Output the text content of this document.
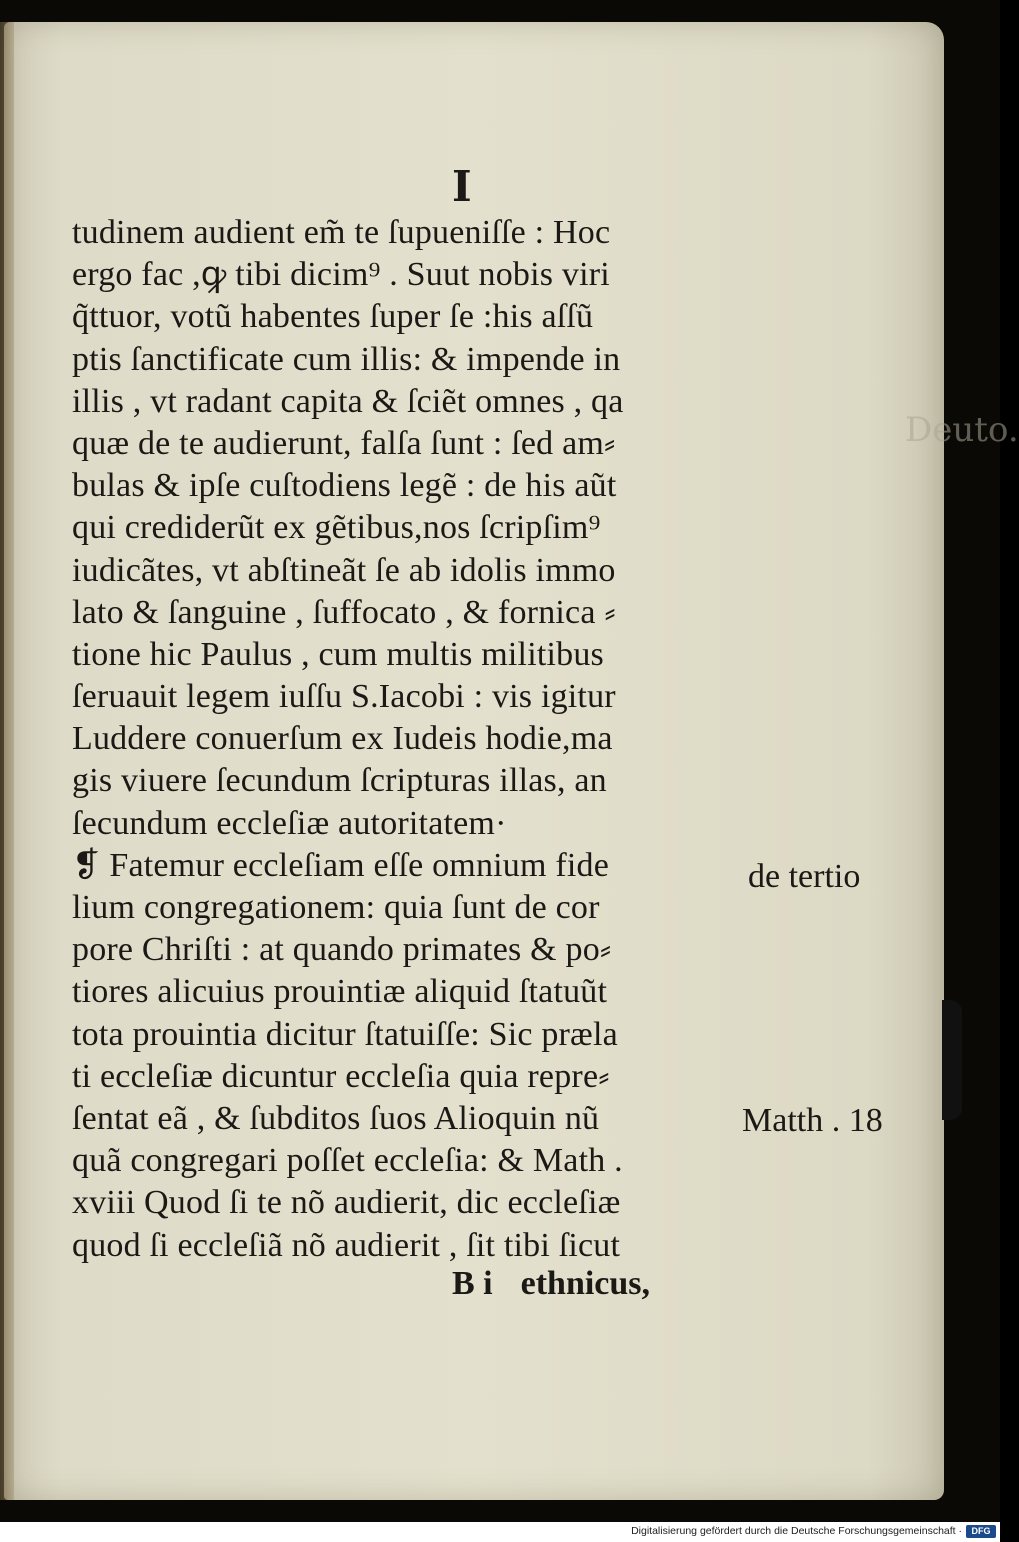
Deuto.
I
tudinem audient em̃ te ſupueniſſe : Hoc
ergo fac ,ꝙ tibi dicim⁹ . Suut nobis viri
q̃ttuor, votũ habentes ſuper ſe :his aſſũ
ptis ſanctificate cum illis: & impende in
illis , vt radant capita & ſciẽt omnes , qa
quæ de te audierunt, falſa ſunt : ſed am⸗
bulas & ipſe cuſtodiens legẽ : de his aũt
qui crediderũt ex gẽtibus,nos ſcripſim⁹
iudicãtes, vt abſtineãt ſe ab idolis immo
lato & ſanguine , ſuffocato , & fornica ⸗
tione hic Paulus , cum multis militibus
ſeruauit legem iuſſu S.Iacobi : vis igitur
Luddere conuerſum ex Iudeis hodie,ma
gis viuere ſecundum ſcripturas illas, an
ſecundum eccleſiæ autoritatem·
❡ Fatemur eccleſiam eſſe omnium fide
lium congregationem: quia ſunt de cor
pore Chriſti : at quando primates & po⸗
tiores alicuius prouintiæ aliquid ſtatuũt
tota prouintia dicitur ſtatuiſſe: Sic præla
ti eccleſiæ dicuntur eccleſia quia repre⸗
ſentat eã , & ſubditos ſuos Alioquin nũ
quã congregari poſſet eccleſia: & Math .
xviii Quod ſi te nõ audierit, dic eccleſiæ
quod ſi eccleſiã nõ audierit , ſit tibi ſicut
de tertio
Matth . 18
B i ethnicus,
Digitalisierung gefördert durch die Deutsche Forschungsgemeinschaft ·	DFG
